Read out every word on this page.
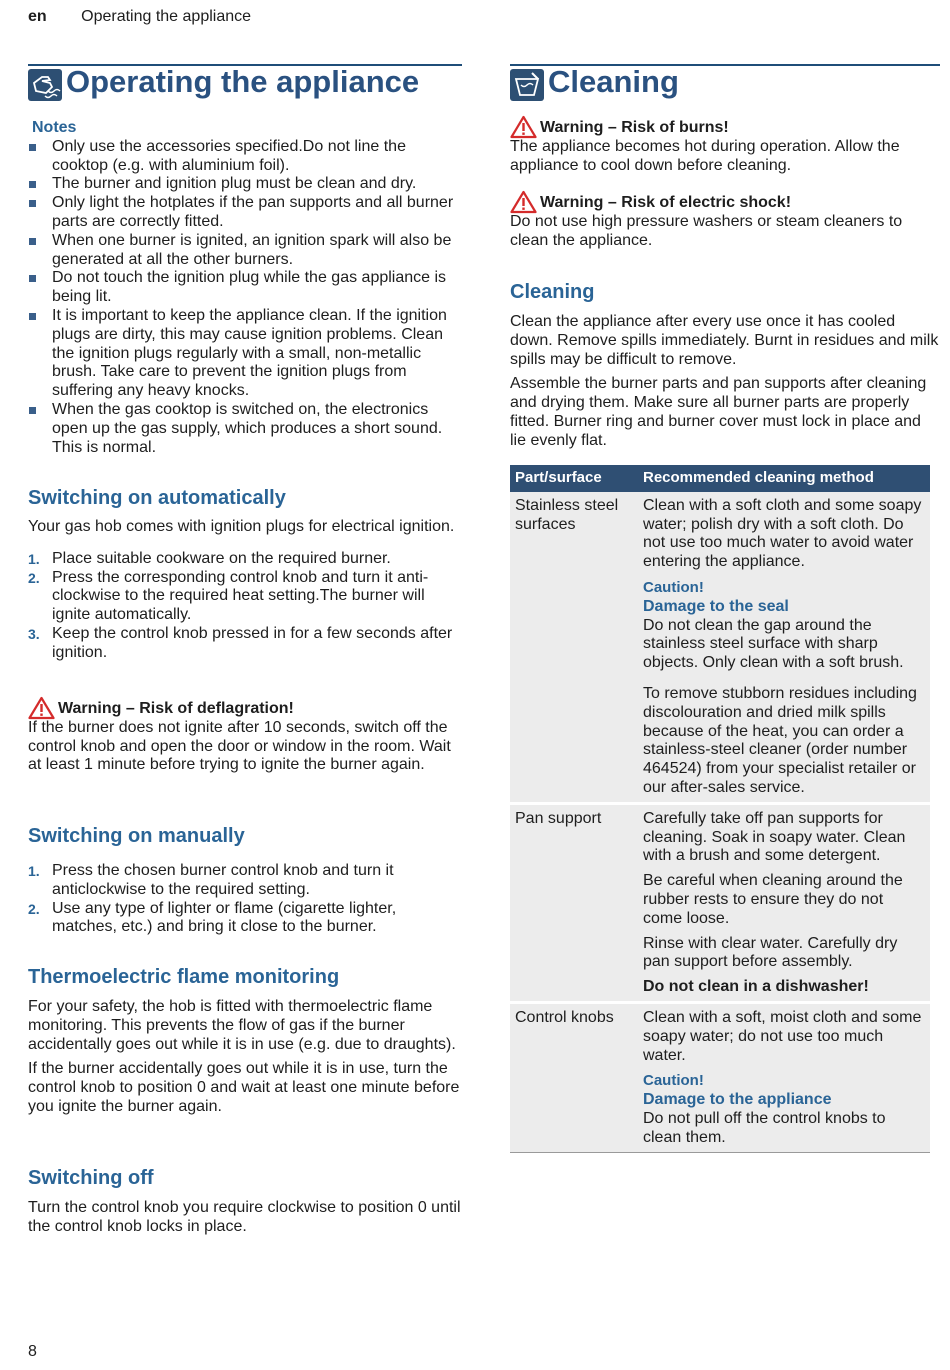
en Operating the appliance
Operating the appliance
Notes
Only use the accessories specified.Do not line the cooktop (e.g. with aluminium foil).
The burner and ignition plug must be clean and dry.
Only light the hotplates if the pan supports and all burner parts are correctly fitted.
When one burner is ignited, an ignition spark will also be generated at all the other burners.
Do not touch the ignition plug while the gas appliance is being lit.
It is important to keep the appliance clean. If the ignition plugs are dirty, this may cause ignition problems. Clean the ignition plugs regularly with a small, non-metallic brush. Take care to prevent the ignition plugs from suffering any heavy knocks.
When the gas cooktop is switched on, the electronics open up the gas supply, which produces a short sound. This is normal.
Switching on automatically

Your gas hob comes with ignition plugs for electrical ignition.

1. Place suitable cookware on the required burner.
2. Press the corresponding control knob and turn it anti-clockwise to the required heat setting.The burner will ignite automatically.
3. Keep the control knob pressed in for a few seconds after ignition.
Warning – Risk of deflagration!

If the burner does not ignite after 10 seconds, switch off the control knob and open the door or window in the room. Wait at least 1 minute before trying to ignite the burner again.

Switching on manually
1. Press the chosen burner control knob and turn it anticlockwise to the required setting.
2. Use any type of lighter or flame (cigarette lighter, matches, etc.) and bring it close to the burner.
Thermoelectric flame monitoring

For your safety, the hob is fitted with thermoelectric flame monitoring. This prevents the flow of gas if the burner accidentally goes out while it is in use (e.g. due to draughts).

If the burner accidentally goes out while it is in use, turn the control knob to position 0 and wait at least one minute before you ignite the burner again.

Switching off

Turn the control knob you require clockwise to position 0 until the control knob locks in place.

Cleaning
Warning – Risk of burns!

The appliance becomes hot during operation. Allow the appliance to cool down before cleaning.

Warning – Risk of electric shock!

Do not use high pressure washers or steam cleaners to clean the appliance.

Cleaning

Clean the appliance after every use once it has cooled down. Remove spills immediately. Burnt in residues and milk spills may be difficult to remove.

Assemble the burner parts and pan supports after cleaning and drying them. Make sure all burner parts are properly fitted. Burner ring and burner cover must lock in place and lie evenly flat.

Part/surface	Recommended cleaning method
Stainless steel surfaces	Clean with a soft cloth and some soapy water; polish dry with a soft cloth. Do not use too much water to avoid water entering the appliance.

Caution!

Damage to the seal

Do not clean the gap around the stainless steel surface with sharp objects. Only clean with a soft brush.

To remove stubborn residues including discolouration and dried milk spills because of the heat, you can order a stainless-steel cleaner (order number 464524) from your specialist retailer or our after-sales service.

Pan support	Carefully take off pan supports for cleaning. Soak in soapy water. Clean with a brush and some detergent.

Be careful when cleaning around the rubber rests to ensure they do not come loose.

Rinse with clear water. Carefully dry pan support before assembly.

Do not clean in a dishwasher!

Control knobs	Clean with a soft, moist cloth and some soapy water; do not use too much water.

Caution!

Damage to the appliance

Do not pull off the control knobs to clean them.

8
